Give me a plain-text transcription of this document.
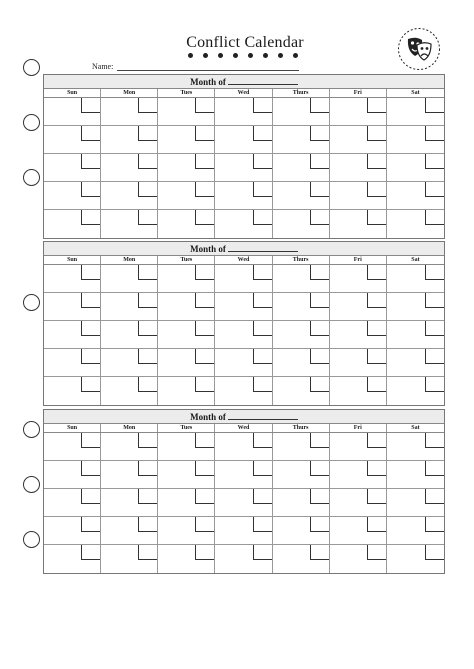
Conflict Calendar
Name:
Month of
Sun	Mon	Tues	Wed	Thurs	Fri	Sat
Month of
Sun	Mon	Tues	Wed	Thurs	Fri	Sat
Month of
Sun	Mon	Tues	Wed	Thurs	Fri	Sat
